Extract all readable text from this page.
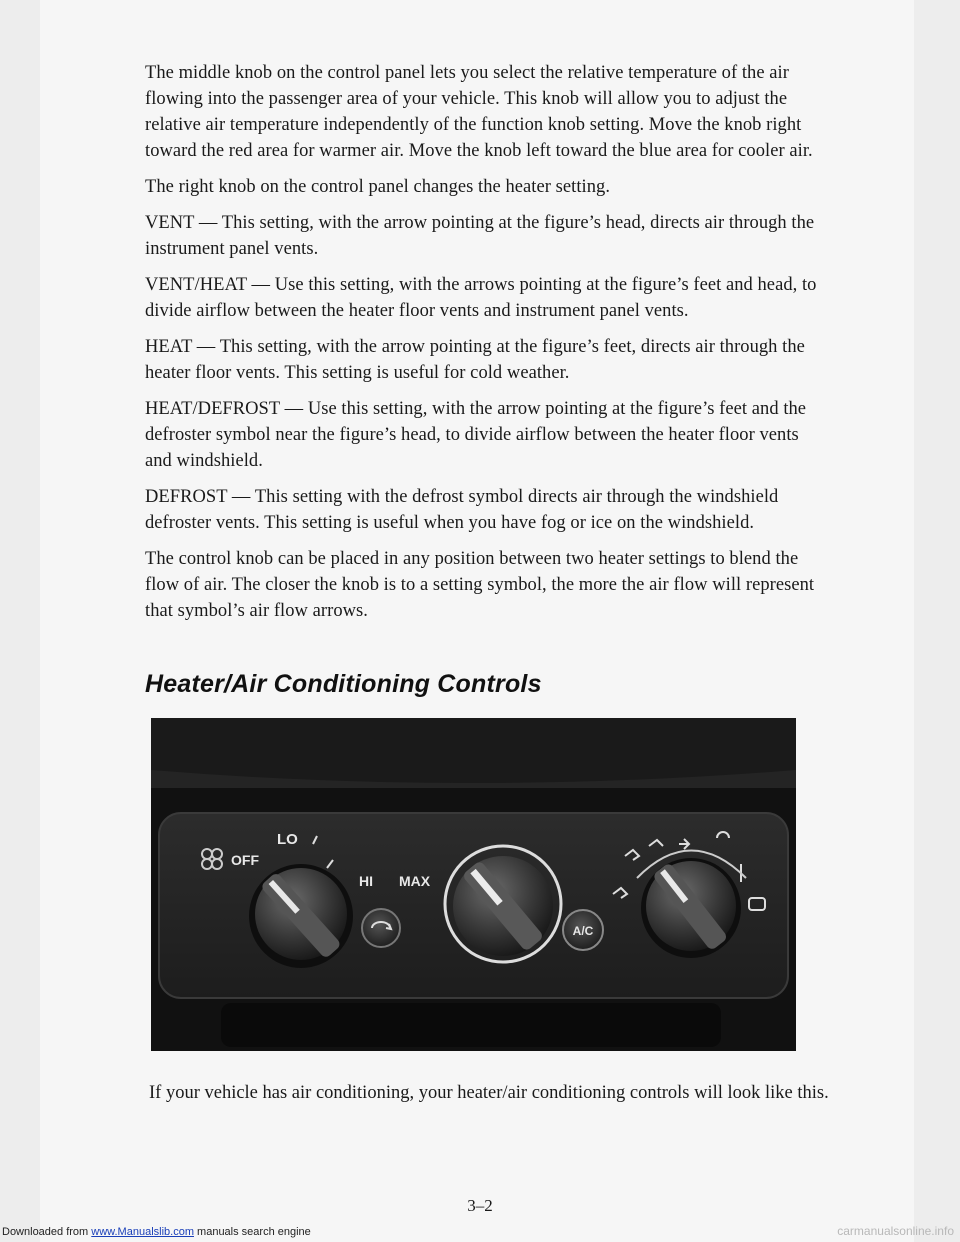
The middle knob on the control panel lets you select the relative temperature of the air flowing into the passenger area of your vehicle. This knob will allow you to adjust the relative air temperature independently of the function knob setting. Move the knob right toward the red area for warmer air. Move the knob left toward the blue area for cooler air.

The right knob on the control panel changes the heater setting.

VENT — This setting, with the arrow pointing at the figure’s head, directs air through the instrument panel vents.

VENT/HEAT — Use this setting, with the arrows pointing at the figure’s feet and head, to divide airflow between the heater floor vents and instrument panel vents.

HEAT — This setting, with the arrow pointing at the figure’s feet, directs air through the heater floor vents. This setting is useful for cold weather.

HEAT/DEFROST — Use this setting, with the arrow pointing at the figure’s feet and the defroster symbol near the figure’s head, to divide airflow between the heater floor vents and windshield.

DEFROST — This setting with the defrost symbol directs air through the windshield defroster vents. This setting is useful when you have fog or ice on the windshield.

The control knob can be placed in any position between two heater settings to blend the flow of air. The closer the knob is to a setting symbol, the more the air flow will represent that symbol’s air flow arrows.

Heater/Air Conditioning Controls
A/C
OFF
LO
HI MAX
If your vehicle has air conditioning, your heater/air conditioning controls will look like this.
3–2
Downloaded from www.Manualslib.com manuals search engine	carmanualsonline.info
